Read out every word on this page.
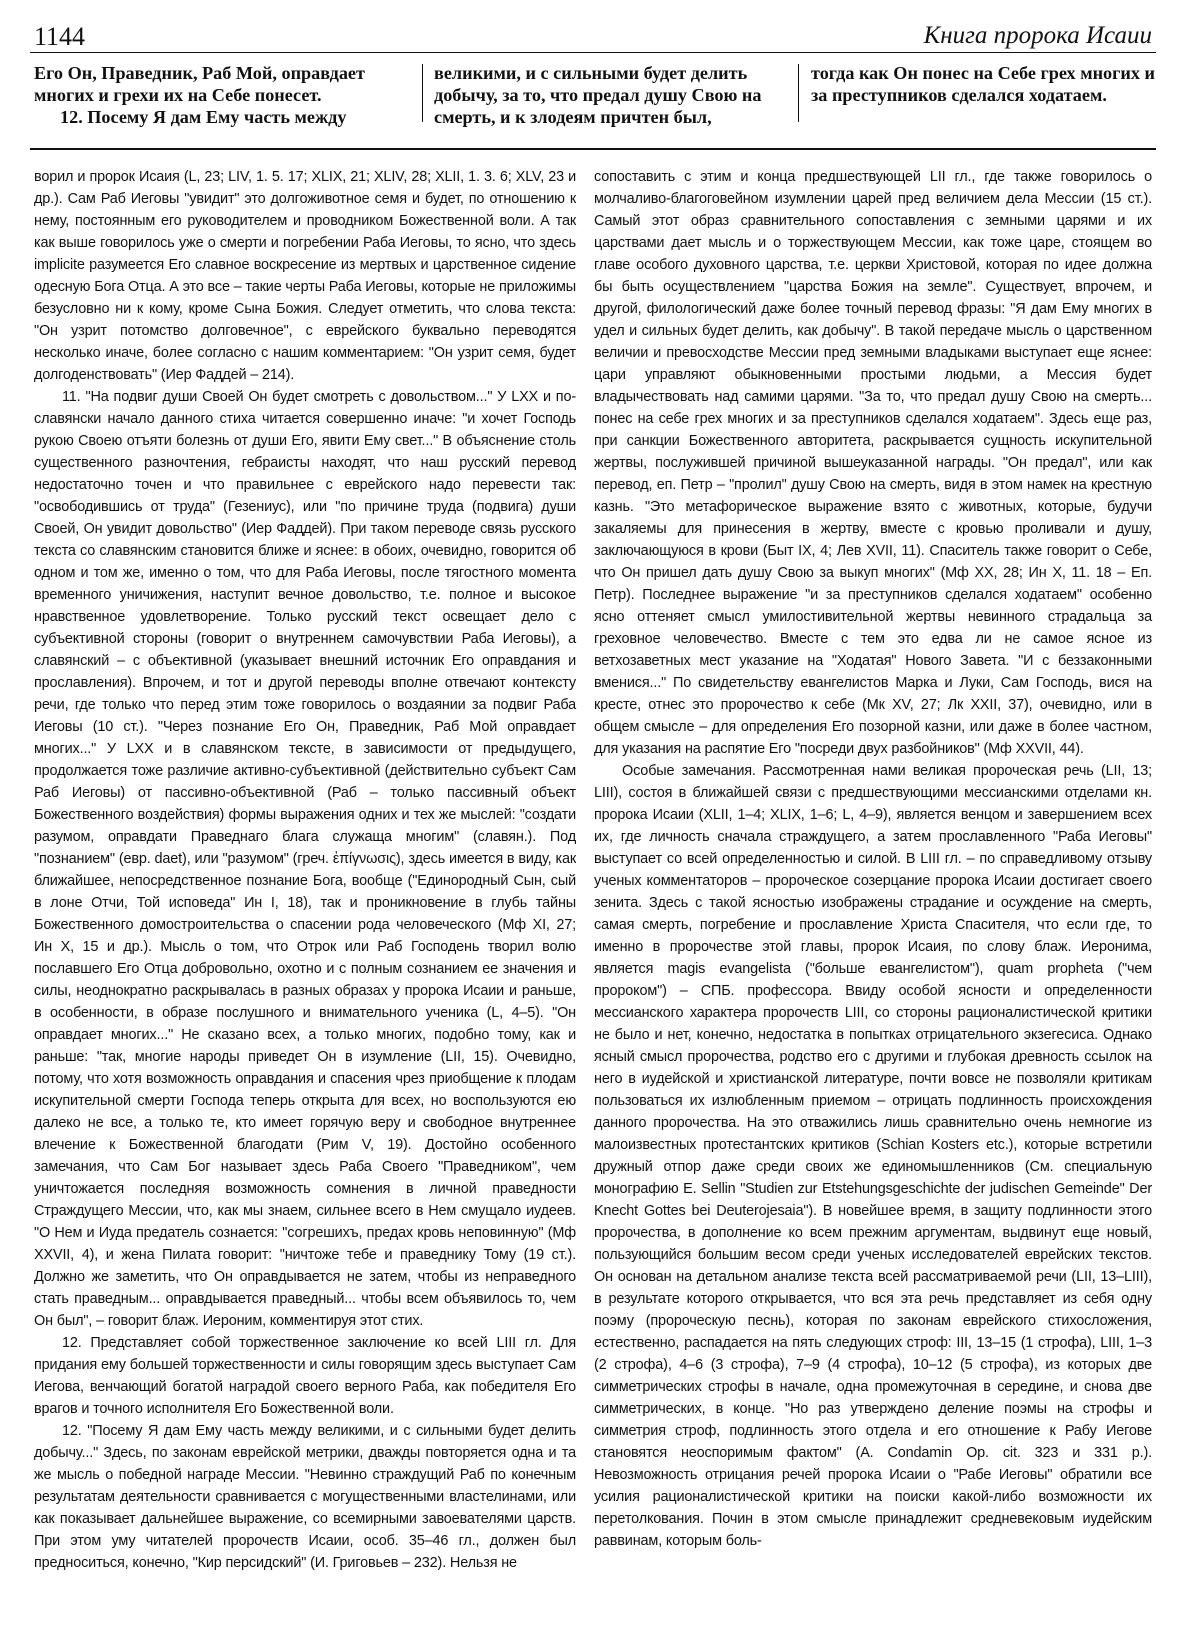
1144	Книга пророка Исаии
Его Он, Праведник, Раб Мой, оправдает многих и грехи их на Себе понесет.
12. Посему Я дам Ему часть между
великими, и с сильными будет делить добычу, за то, что предал душу Свою на смерть, и к злодеям причтен был,
тогда как Он понес на Себе грех многих и за преступников сделался ходатаем.

ворил и пророк Исаия (L, 23; LIV, 1. 5. 17; XLIX, 21; XLIV, 28; XLII, 1. 3. 6; XLV, 23 и др.). Сам Раб Иеговы "увидит" это долгоживотное семя и будет, по отношению к нему, постоянным его руководителем и проводником Божественной воли. А так как выше говорилось уже о смерти и погребении Раба Иеговы, то ясно, что здесь implicite разумеется Его славное воскресение из мертвых и царственное сидение одесную Бога Отца. А это все – такие черты Раба Иеговы, которые не приложимы безусловно ни к кому, кроме Сына Божия. Следует отметить, что слова текста: "Он узрит потомство долговечное", с еврейского буквально переводятся несколько иначе, более согласно с нашим комментарием: "Он узрит семя, будет долгоденствовать" (Иер Фаддей – 214).

11. "На подвиг души Своей Он будет смотреть с довольством..." У LXX и по-славянски начало данного стиха читается совершенно иначе: "и хочет Господь рукою Своею отъяти болезнь от души Его, явити Ему свет..." В объяснение столь существенного разночтения, гебраисты находят, что наш русский перевод недостаточно точен и что правильнее с еврейского надо перевести так: "освободившись от труда" (Гезениус), или "по причине труда (подвига) души Своей, Он увидит довольство" (Иер Фаддей). При таком переводе связь русского текста со славянским становится ближе и яснее: в обоих, очевидно, говорится об одном и том же, именно о том, что для Раба Иеговы, после тягостного момента временного уничижения, наступит вечное довольство, т.е. полное и высокое нравственное удовлетворение. Только русский текст освещает дело с субъективной стороны (говорит о внутреннем самочувствии Раба Иеговы), а славянский – с объективной (указывает внешний источник Его оправдания и прославления). Впрочем, и тот и другой переводы вполне отвечают контексту речи, где только что перед этим тоже говорилось о воздаянии за подвиг Раба Иеговы (10 ст.). "Через познание Его Он, Праведник, Раб Мой оправдает многих..." У LXX и в славянском тексте, в зависимости от предыдущего, продолжается тоже различие активно-субъективной (действительно субъект Сам Раб Иеговы) от пассивно-объективной (Раб – только пассивный объект Божественного воздействия) формы выражения одних и тех же мыслей: "создати разумом, оправдати Праведнаго блага служаща многим" (славян.). Под "познанием" (евр. daet), или "разумом" (греч. ἐπίγνωσις), здесь имеется в виду, как ближайшее, непосредственное познание Бога, вообще ("Единородный Сын, сый в лоне Отчи, Той исповеда" Ин I, 18), так и проникновение в глубь тайны Божественного домостроительства о спасении рода человеческого (Мф XI, 27; Ин X, 15 и др.). Мысль о том, что Отрок или Раб Господень творил волю пославшего Его Отца добровольно, охотно и с полным сознанием ее значения и силы, неоднократно раскрывалась в разных образах у пророка Исаии и раньше, в особенности, в образе послушного и внимательного ученика (L, 4–5). "Он оправдает многих..." Не сказано всех, а только многих, подобно тому, как и раньше: "так, многие народы приведет Он в изумление (LII, 15). Очевидно, потому, что хотя возможность оправдания и спасения чрез приобщение к плодам искупительной смерти Господа теперь открыта для всех, но воспользуются ею далеко не все, а только те, кто имеет горячую веру и свободное внутреннее влечение к Божественной благодати (Рим V, 19). Достойно особенного замечания, что Сам Бог называет здесь Раба Своего "Праведником", чем уничтожается последняя возможность сомнения в личной праведности Страждущего Мессии, что, как мы знаем, сильнее всего в Нем смущало иудеев. "О Нем и Иуда предатель сознается: "согрешихъ, предах кровь неповинную" (Мф XXVII, 4), и жена Пилата говорит: "ничтоже тебе и праведнику Тому (19 ст.). Должно же заметить, что Он оправдывается не затем, чтобы из неправедного стать праведным... оправдывается праведный... чтобы всем объявилось то, чем Он был", – говорит блаж. Иероним, комментируя этот стих.

12. Представляет собой торжественное заключение ко всей LIII гл. Для придания ему большей торжественности и силы говорящим здесь выступает Сам Иегова, венчающий богатой наградой своего верного Раба, как победителя Его врагов и точного исполнителя Его Божественной воли.

12. "Посему Я дам Ему часть между великими, и с сильными будет делить добычу..." Здесь, по законам еврейской метрики, дважды повторяется одна и та же мысль о победной награде Мессии. "Невинно страждущий Раб по конечным результатам деятельности сравнивается с могущественными властелинами, или как показывает дальнейшее выражение, со всемирными завоевателями царств. При этом уму читателей пророчеств Исаии, особ. 35–46 гл., должен был предноситься, конечно, "Кир персидский" (И. Григовьев – 232). Нельзя не

сопоставить с этим и конца предшествующей LII гл., где также говорилось о молчаливо-благоговейном изумлении царей пред величием дела Мессии (15 ст.). Самый этот образ сравнительного сопоставления с земными царями и их царствами дает мысль и о торжествующем Мессии, как тоже царе, стоящем во главе особого духовного царства, т.е. церкви Христовой, которая по идее должна бы быть осуществлением "царства Божия на земле". Существует, впрочем, и другой, филологический даже более точный перевод фразы: "Я дам Ему многих в удел и сильных будет делить, как добычу". В такой передаче мысль о царственном величии и превосходстве Мессии пред земными владыками выступает еще яснее: цари управляют обыкновенными простыми людьми, а Мессия будет владычествовать над самими царями. "За то, что предал душу Свою на смерть... понес на себе грех многих и за преступников сделался ходатаем". Здесь еще раз, при санкции Божественного авторитета, раскрывается сущность искупительной жертвы, послужившей причиной вышеуказанной награды. "Он предал", или как перевод, еп. Петр – "пролил" душу Свою на смерть, видя в этом намек на крестную казнь. "Это метафорическое выражение взято с животных, которые, будучи закаляемы для принесения в жертву, вместе с кровью проливали и душу, заключающуюся в крови (Быт IX, 4; Лев XVII, 11). Спаситель также говорит о Себе, что Он пришел дать душу Свою за выкуп многих" (Мф XX, 28; Ин X, 11. 18 – Еп. Петр). Последнее выражение "и за преступников сделался ходатаем" особенно ясно оттеняет смысл умилостивительной жертвы невинного страдальца за греховное человечество. Вместе с тем это едва ли не самое ясное из ветхозаветных мест указание на "Ходатая" Нового Завета. "И с беззаконными вменися..." По свидетельству евангелистов Марка и Луки, Сам Господь, вися на кресте, отнес это пророчество к себе (Мк XV, 27; Лк XXII, 37), очевидно, или в общем смысле – для определения Его позорной казни, или даже в более частном, для указания на распятие Его "посреди двух разбойников" (Мф XXVII, 44).

Особые замечания. Рассмотренная нами великая пророческая речь (LII, 13; LIII), состоя в ближайшей связи с предшествующими мессианскими отделами кн. пророка Исаии (XLII, 1–4; XLIX, 1–6; L, 4–9), является венцом и завершением всех их, где личность сначала страждущего, а затем прославленного "Раба Иеговы" выступает со всей определенностью и силой. В LIII гл. – по справедливому отзыву ученых комментаторов – пророческое созерцание пророка Исаии достигает своего зенита. Здесь с такой ясностью изображены страдание и осуждение на смерть, самая смерть, погребение и прославление Христа Спасителя, что если где, то именно в пророчестве этой главы, пророк Исаия, по слову блаж. Иеронима, является magis evangelista ("больше евангелистом"), quam propheta ("чем пророком") – СПБ. профессора. Ввиду особой ясности и определенности мессианского характера пророчеств LIII, со стороны рационалистической критики не было и нет, конечно, недостатка в попытках отрицательного экзегесиса. Однако ясный смысл пророчества, родство его с другими и глубокая древность ссылок на него в иудейской и христианской литературе, почти вовсе не позволяли критикам пользоваться их излюбленным приемом – отрицать подлинность происхождения данного пророчества. На это отважились лишь сравнительно очень немногие из малоизвестных протестантских критиков (Schian Kosters etc.), которые встретили дружный отпор даже среди своих же единомышленников (См. специальную монографию E. Sellin "Studien zur Etstehungsgeschichte der judischen Gemeinde" Der Knecht Gottes bei Deuterojesaia"). В новейшее время, в защиту подлинности этого пророчества, в дополнение ко всем прежним аргументам, выдвинут еще новый, пользующийся большим весом среди ученых исследователей еврейских текстов. Он основан на детальном анализе текста всей рассматриваемой речи (LII, 13–LIII), в результате которого открывается, что вся эта речь представляет из себя одну поэму (пророческую песнь), которая по законам еврейского стихосложения, естественно, распадается на пять следующих строф: III, 13–15 (1 строфа), LIII, 1–3 (2 строфа), 4–6 (3 строфа), 7–9 (4 строфа), 10–12 (5 строфа), из которых две симметрических строфы в начале, одна промежуточная в середине, и снова две симметрических, в конце. "Но раз утверждено деление поэмы на строфы и симметрия строф, подлинность этого отдела и его отношение к Рабу Иегове становятся неоспоримым фактом" (A. Condamin Op. cit. 323 и 331 р.). Невозможность отрицания речей пророка Исаии о "Рабе Иеговы" обратили все усилия рационалистической критики на поиски какой-либо возможности их перетолкования. Почин в этом смысле принадлежит средневековым иудейским раввинам, которым боль-
